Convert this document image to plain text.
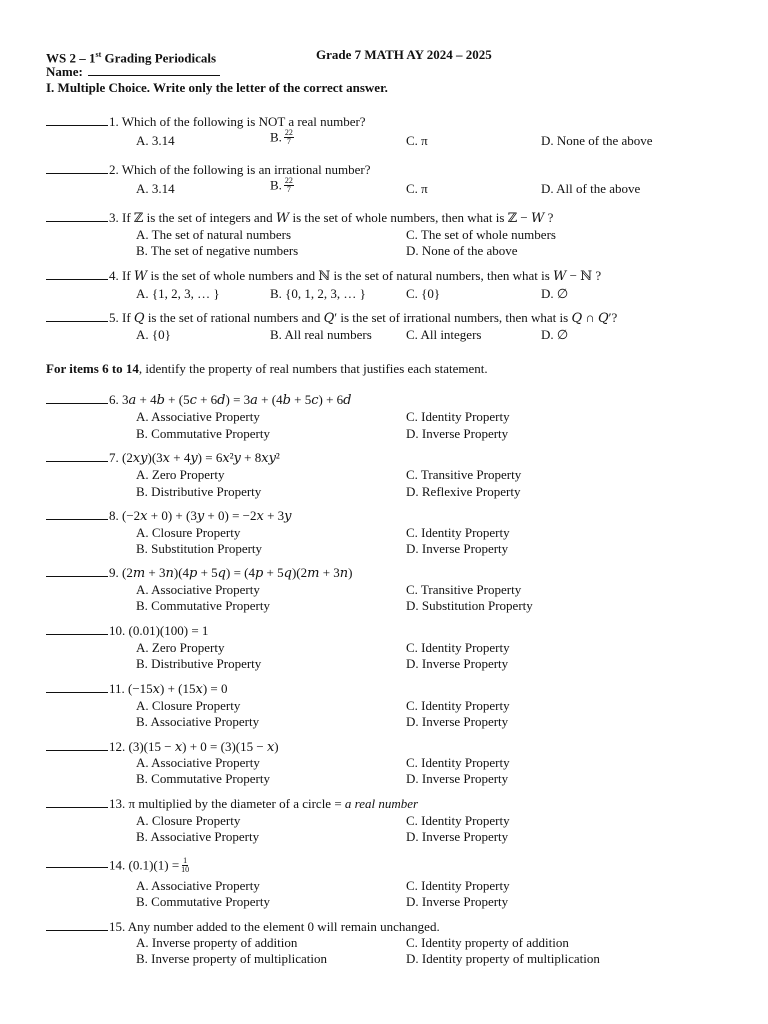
WS 2 – 1st Grading Periodicals	Grade 7 MATH AY 2024 – 2025
Name:
I. Multiple Choice. Write only the letter of the correct answer.
1. Which of the following is NOT a real number?
A. 3.14	B. $\frac{22}{7}$	C. π	D. None of the above
2. Which of the following is an irrational number?
A. 3.14	B. $\frac{22}{7}$	C. π	D. All of the above
3. If ℤ is the set of integers and 𝑊 is the set of whole numbers, then what is ℤ − 𝑊 ?
A. The set of natural numbers	C. The set of whole numbers
B. The set of negative numbers	D. None of the above
4. If 𝑊 is the set of whole numbers and ℕ is the set of natural numbers, then what is 𝑊 − ℕ ?
A. {1, 2, 3, … }	B. {0, 1, 2, 3, … }	C. {0}	D. ∅
5. If 𝑄 is the set of rational numbers and 𝑄′ is the set of irrational numbers, then what is 𝑄 ∩ 𝑄′?
A. {0}	B. All real numbers	C. All integers	D. ∅
For items 6 to 14, identify the property of real numbers that justifies each statement.
6. 3𝑎 + 4𝑏 + (5𝑐 + 6𝑑) = 3𝑎 + (4𝑏 + 5𝑐) + 6𝑑
A. Associative Property	C. Identity Property
B. Commutative Property	D. Inverse Property
7. (2𝑥𝑦)(3𝑥 + 4𝑦) = 6𝑥²𝑦 + 8𝑥𝑦²
A. Zero Property	C. Transitive Property
B. Distributive Property	D. Reflexive Property
8. (−2𝑥 + 0) + (3𝑦 + 0) = −2𝑥 + 3𝑦
A. Closure Property	C. Identity Property
B. Substitution Property	D. Inverse Property
9. (2𝑚 + 3𝑛)(4𝑝 + 5𝑞) = (4𝑝 + 5𝑞)(2𝑚 + 3𝑛)
A. Associative Property	C. Transitive Property
B. Commutative Property	D. Substitution Property
10. (0.01)(100) = 1
A. Zero Property	C. Identity Property
B. Distributive Property	D. Inverse Property
11. (−15𝑥) + (15𝑥) = 0
A. Closure Property	C. Identity Property
B. Associative Property	D. Inverse Property
12. (3)(15 − 𝑥) + 0 = (3)(15 − 𝑥)
A. Associative Property	C. Identity Property
B. Commutative Property	D. Inverse Property
13. π multiplied by the diameter of a circle = a real number
A. Closure Property	C. Identity Property
B. Associative Property	D. Inverse Property
14. $(0.1)(1) = \frac{1}{10}$
A. Associative Property	C. Identity Property
B. Commutative Property	D. Inverse Property
15. Any number added to the element 0 will remain unchanged.
A. Inverse property of addition	C. Identity property of addition
B. Inverse property of multiplication	D. Identity property of multiplication
